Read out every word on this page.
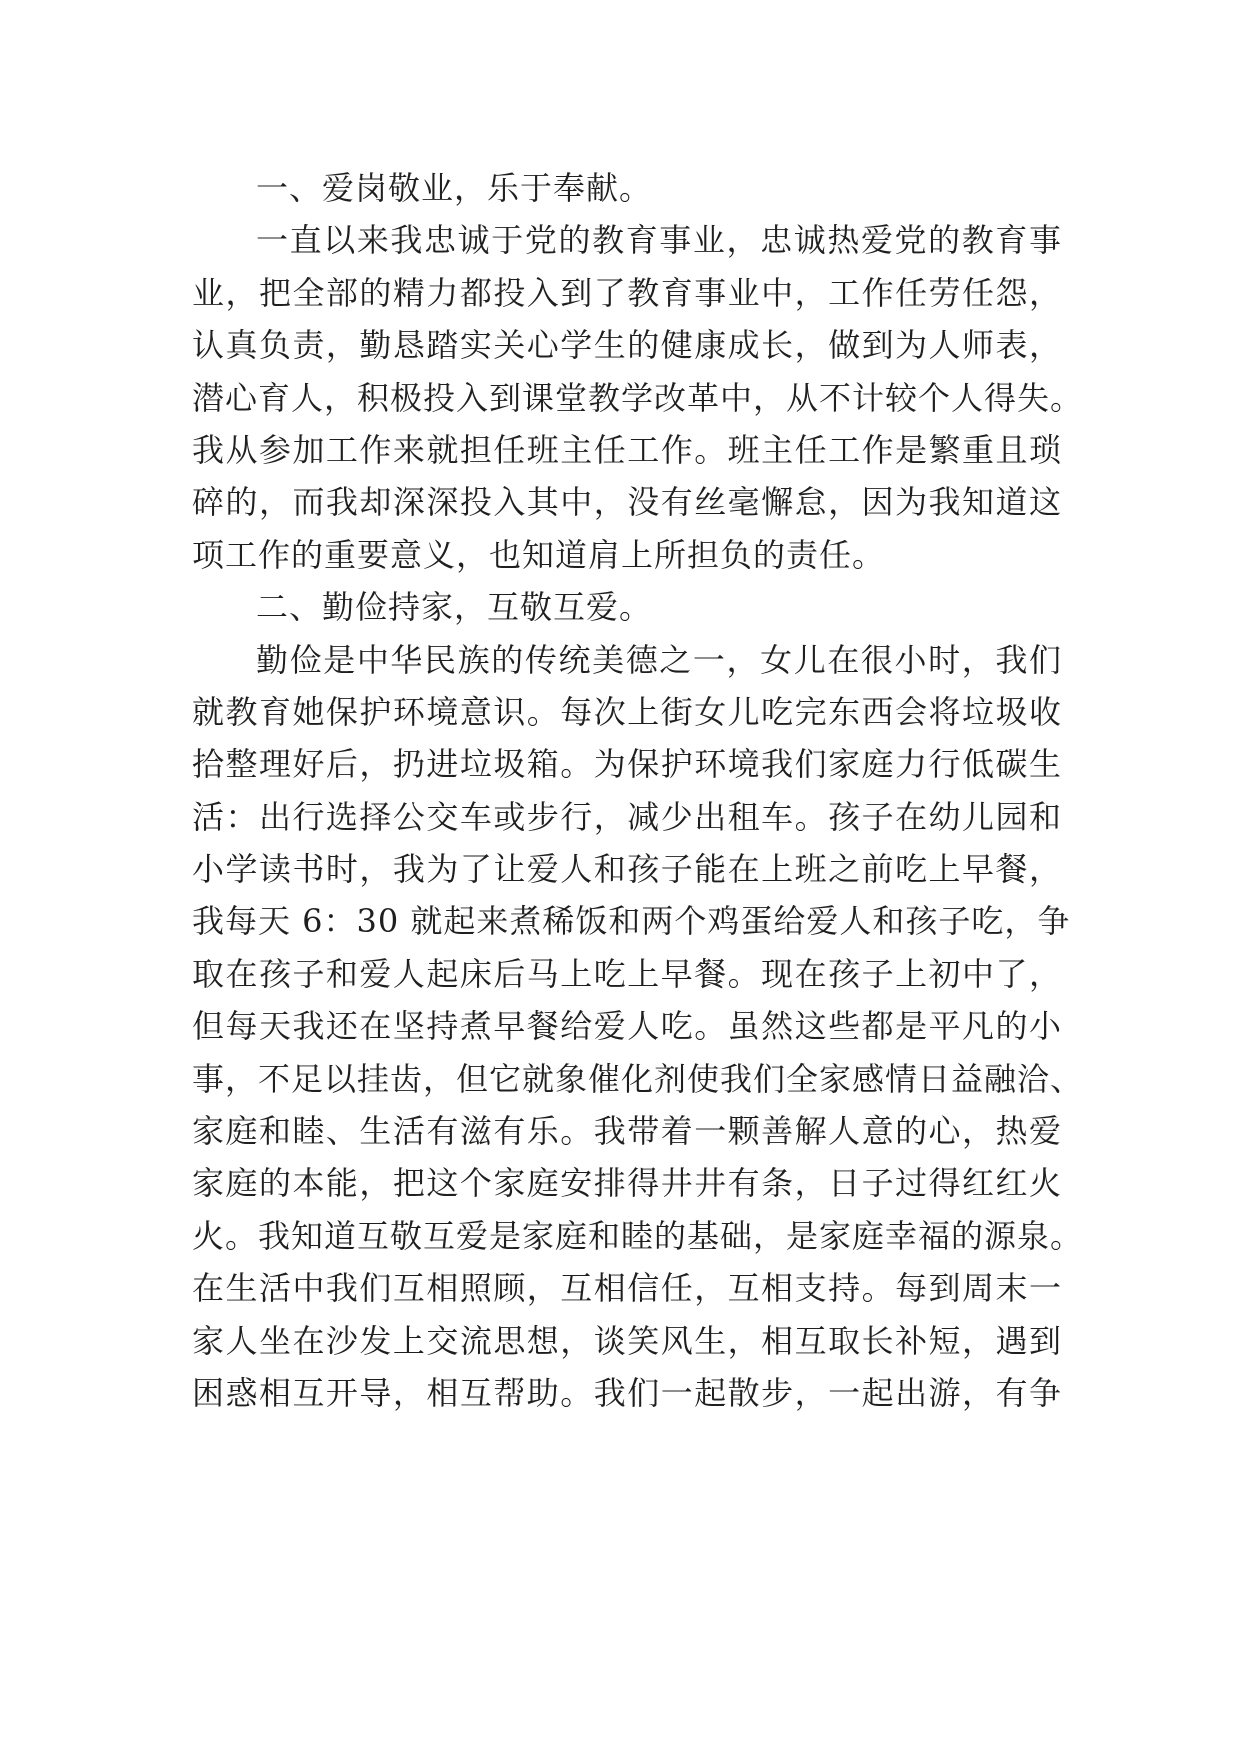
一、爱岗敬业，乐于奉献。
一直以来我忠诚于党的教育事业，忠诚热爱党的教育事
业，把全部的精力都投入到了教育事业中，工作任劳任怨，
认真负责，勤恳踏实关心学生的健康成长，做到为人师表，
潜心育人，积极投入到课堂教学改革中，从不计较个人得失。
我从参加工作来就担任班主任工作。班主任工作是繁重且琐
碎的，而我却深深投入其中，没有丝毫懈怠，因为我知道这
项工作的重要意义，也知道肩上所担负的责任。
二、勤俭持家，互敬互爱。
勤俭是中华民族的传统美德之一，女儿在很小时，我们
就教育她保护环境意识。每次上街女儿吃完东西会将垃圾收
拾整理好后，扔进垃圾箱。为保护环境我们家庭力行低碳生
活：出行选择公交车或步行，减少出租车。孩子在幼儿园和
小学读书时，我为了让爱人和孩子能在上班之前吃上早餐，
我每天 6：30 就起来煮稀饭和两个鸡蛋给爱人和孩子吃，争
取在孩子和爱人起床后马上吃上早餐。现在孩子上初中了，
但每天我还在坚持煮早餐给爱人吃。虽然这些都是平凡的小
事，不足以挂齿，但它就象催化剂使我们全家感情日益融洽、
家庭和睦、生活有滋有乐。我带着一颗善解人意的心，热爱
家庭的本能，把这个家庭安排得井井有条，日子过得红红火
火。我知道互敬互爱是家庭和睦的基础，是家庭幸福的源泉。
在生活中我们互相照顾，互相信任，互相支持。每到周末一
家人坐在沙发上交流思想，谈笑风生，相互取长补短，遇到
困惑相互开导，相互帮助。我们一起散步，一起出游，有争
